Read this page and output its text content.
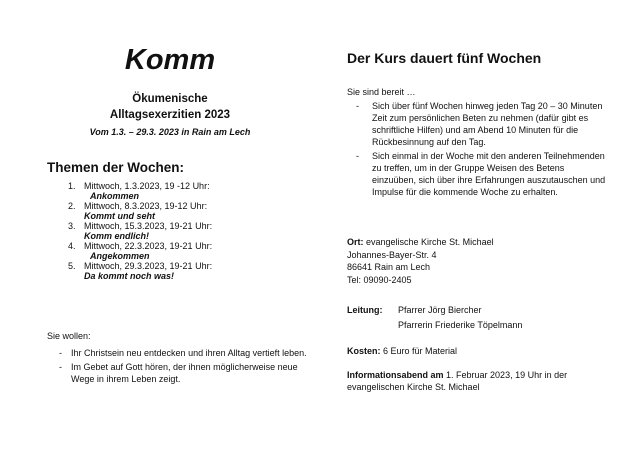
Komm
Ökumenische
Alltagsexerzitien 2023
Vom 1.3. – 29.3. 2023 in Rain am Lech
Themen der Wochen:
1. Mittwoch, 1.3.2023, 19 -12 Uhr:
Ankommen
2. Mittwoch, 8.3.2023, 19-12 Uhr:
Kommt und seht
3. Mittwoch, 15.3.2023, 19-21 Uhr:
Komm endlich!
4. Mittwoch, 22.3.2023, 19-21 Uhr:
Angekommen
5. Mittwoch, 29.3.2023, 19-21 Uhr:
Da kommt noch was!
Sie wollen:
- Ihr Christsein neu entdecken und ihren Alltag vertieft leben.
- Im Gebet auf Gott hören, der ihnen möglicherweise neue Wege in ihrem Leben zeigt.
Der Kurs dauert fünf Wochen
Sie sind bereit …
- Sich über fünf Wochen hinweg jeden Tag 20 – 30 Minuten Zeit zum persönlichen Beten zu nehmen (dafür gibt es schriftliche Hilfen) und am Abend 10 Minuten für die Rückbesinnung auf den Tag.
- Sich einmal in der Woche mit den anderen Teilnehmenden zu treffen, um in der Gruppe Weisen des Betens einzuüben, sich über ihre Erfahrungen auszutauschen und Impulse für die kommende Woche zu erhalten.
Ort: evangelische Kirche St. Michael
Johannes-Bayer-Str. 4
86641 Rain am Lech
Tel: 09090-2405
Leitung: Pfarrer Jörg Biercher
Pfarrerin Friederike Töpelmann
Kosten: 6 Euro für Material
Informationsabend am 1. Februar 2023, 19 Uhr in der evangelischen Kirche St. Michael
